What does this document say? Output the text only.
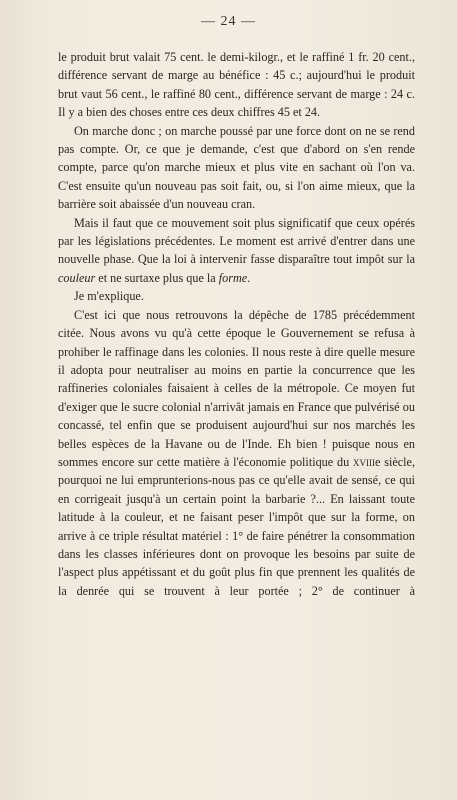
— 24 —

le produit brut valait 75 cent. le demi-kilogr., et le raffiné 1 fr. 20 cent., différence servant de marge au bénéfice : 45 c.; aujourd'hui le produit brut vaut 56 cent., le raffiné 80 cent., différence servant de marge : 24 c. Il y a bien des choses entre ces deux chiffres 45 et 24.

On marche donc ; on marche poussé par une force dont on ne se rend pas compte. Or, ce que je demande, c'est que d'abord on s'en rende compte, parce qu'on marche mieux et plus vite en sachant où l'on va. C'est ensuite qu'un nouveau pas soit fait, ou, si l'on aime mieux, que la barrière soit abaissée d'un nouveau cran.

Mais il faut que ce mouvement soit plus significatif que ceux opérés par les législations précédentes. Le moment est arrivé d'entrer dans une nouvelle phase. Que la loi à intervenir fasse disparaître tout impôt sur la couleur et ne surtaxe plus que la forme.

Je m'explique.

C'est ici que nous retrouvons la dépêche de 1785 précédemment citée. Nous avons vu qu'à cette époque le Gouvernement se refusa à prohiber le raffinage dans les colonies. Il nous reste à dire quelle mesure il adopta pour neutraliser au moins en partie la concurrence que les raffineries coloniales faisaient à celles de la métropole. Ce moyen fut d'exiger que le sucre colonial n'arrivât jamais en France que pulvérisé ou concassé, tel enfin que se produisent aujourd'hui sur nos marchés les belles espèces de la Havane ou de l'Inde. Eh bien ! puisque nous en sommes encore sur cette matière à l'économie politique du xviiie siècle, pourquoi ne lui emprunterions-nous pas ce qu'elle avait de sensé, ce qui en corrigeait jusqu'à un certain point la barbarie ?... En laissant toute latitude à la couleur, et ne faisant peser l'impôt que sur la forme, on arrive à ce triple résultat matériel : 1° de faire pénétrer la consommation dans les classes inférieures dont on provoque les besoins par suite de l'aspect plus appétissant et du goût plus fin que prennent les qualités de la denrée qui se trouvent à leur portée ; 2° de continuer à
